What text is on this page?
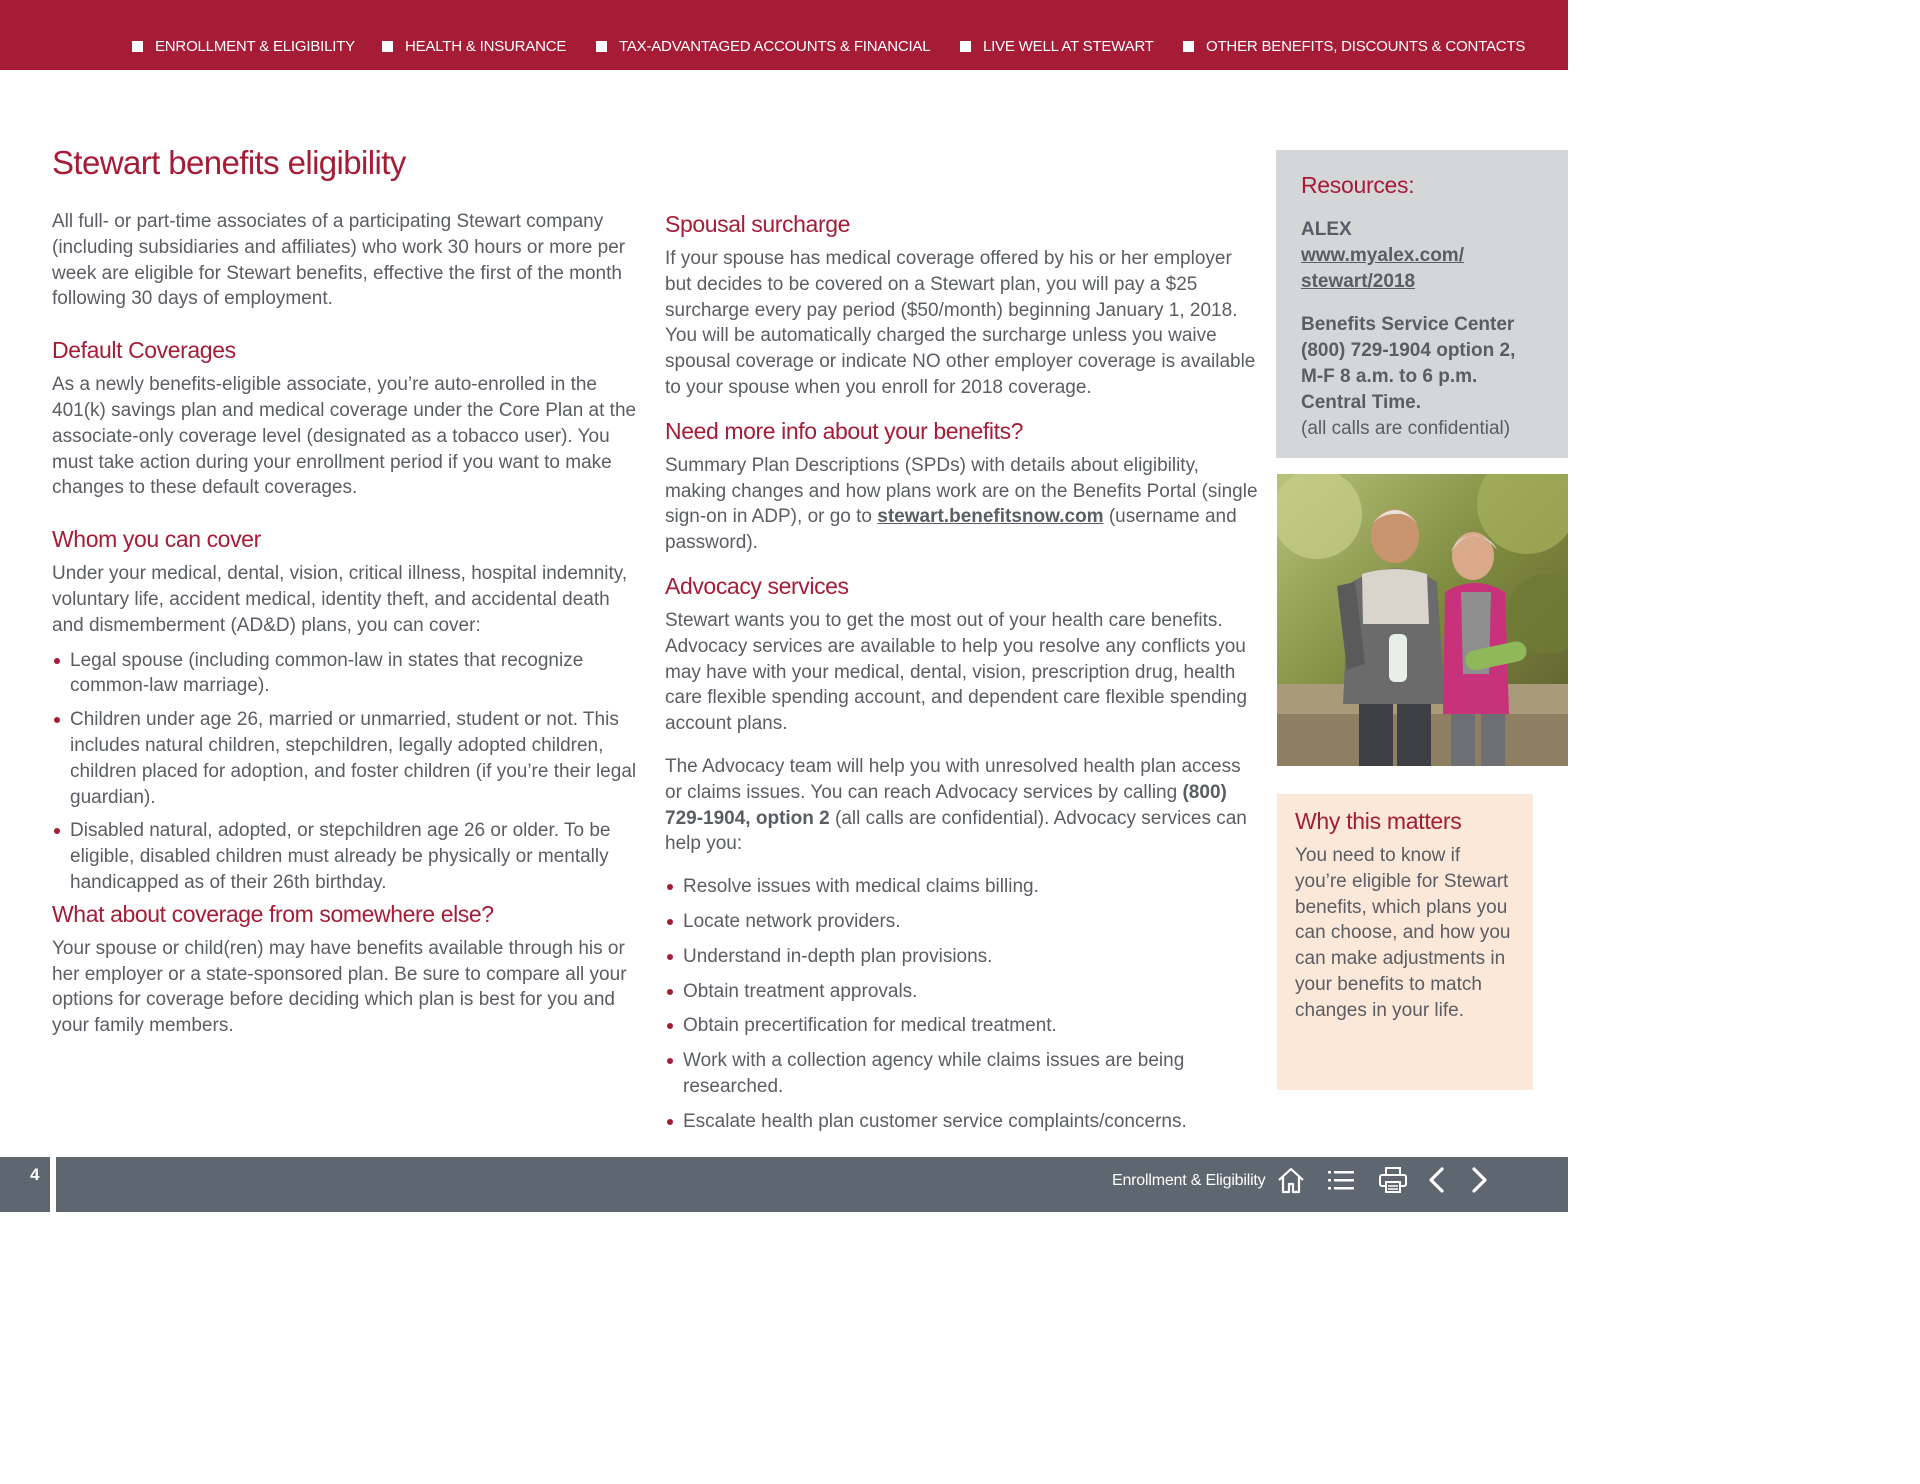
ENROLLMENT & ELIGIBILITY	HEALTH & INSURANCE	TAX-ADVANTAGED ACCOUNTS & FINANCIAL	LIVE WELL AT STEWART	OTHER BENEFITS, DISCOUNTS & CONTACTS
Stewart benefits eligibility

All full- or part-time associates of a participating Stewart company (including subsidiaries and affiliates) who work 30 hours or more per week are eligible for Stewart benefits, effective the first of the month following 30 days of employment.

Default Coverages

As a newly benefits-eligible associate, you’re auto-enrolled in the 401(k) savings plan and medical coverage under the Core Plan at the associate-only coverage level (designated as a tobacco user). You must take action during your enrollment period if you want to make changes to these default coverages.

Whom you can cover

Under your medical, dental, vision, critical illness, hospital indemnity, voluntary life, accident medical, identity theft, and accidental death and dismemberment (AD&D) plans, you can cover:

Legal spouse (including common-law in states that recognize common-law marriage).
Children under age 26, married or unmarried, student or not. This includes natural children, stepchildren, legally adopted children, children placed for adoption, and foster children (if you’re their legal guardian).
Disabled natural, adopted, or stepchildren age 26 or older. To be eligible, disabled children must already be physically or mentally handicapped as of their 26th birthday.
What about coverage from somewhere else?

Your spouse or child(ren) may have benefits available through his or her employer or a state-sponsored plan. Be sure to compare all your options for coverage before deciding which plan is best for you and your family members.

Spousal surcharge

If your spouse has medical coverage offered by his or her employer but decides to be covered on a Stewart plan, you will pay a $25 surcharge every pay period ($50/month) beginning January 1, 2018. You will be automatically charged the surcharge unless you waive spousal coverage or indicate NO other employer coverage is available to your spouse when you enroll for 2018 coverage.

Need more info about your benefits?

Summary Plan Descriptions (SPDs) with details about eligibility, making changes and how plans work are on the Benefits Portal (single sign-on in ADP), or go to stewart.benefitsnow.com (username and password).

Advocacy services

Stewart wants you to get the most out of your health care benefits. Advocacy services are available to help you resolve any conflicts you may have with your medical, dental, vision, prescription drug, health care flexible spending account, and dependent care flexible spending account plans.

The Advocacy team will help you with unresolved health plan access or claims issues. You can reach Advocacy services by calling (800) 729-1904, option 2 (all calls are confidential). Advocacy services can help you:

Resolve issues with medical claims billing.
Locate network providers.
Understand in-depth plan provisions.
Obtain treatment approvals.
Obtain precertification for medical treatment.
Work with a collection agency while claims issues are being researched.
Escalate health plan customer service complaints/concerns.
Resources:

ALEX

www.myalex.com/ stewart/2018

Benefits Service Center

(800) 729-1904 option 2,

M-F 8 a.m. to 6 p.m.

Central Time.

(all calls are confidential)

Why this matters

You need to know if you’re eligible for Stewart benefits, which plans you can choose, and how you can make adjustments in your benefits to match changes in your life.

4	Enrollment & Eligibility
